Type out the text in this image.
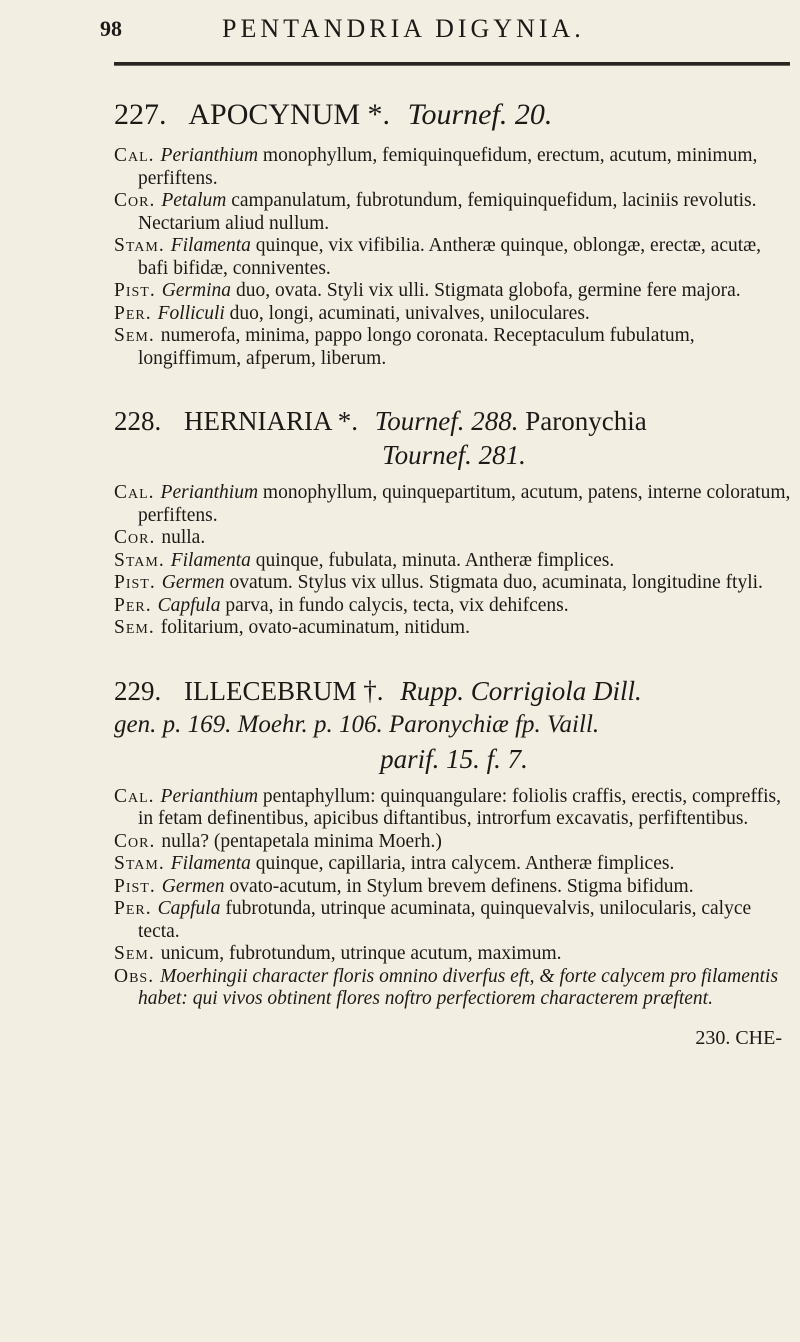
98	PENTANDRIA DIGYNIA.
227. APOCYNUM *. Tournef. 20.

Cal. Perianthium monophyllum, femiquinquefidum, erectum, acutum, minimum, perfiftens.

Cor. Petalum campanulatum, fubrotundum, femiquinquefidum, laciniis revolutis. Nectarium aliud nullum.

Stam. Filamenta quinque, vix vifibilia. Antheræ quinque, oblongæ, erectæ, acutæ, bafi bifidæ, conniventes.

Pist. Germina duo, ovata. Styli vix ulli. Stigmata globofa, germine fere majora.

Per. Folliculi duo, longi, acuminati, univalves, uniloculares.

Sem. numerofa, minima, pappo longo coronata. Receptaculum fubulatum, longiffimum, afperum, liberum.

228. HERNIARIA *. Tournef. 288. Paronychia
Tournef. 281.

Cal. Perianthium monophyllum, quinquepartitum, acutum, patens, interne coloratum, perfiftens.

Cor. nulla.

Stam. Filamenta quinque, fubulata, minuta. Antheræ fimplices.

Pist. Germen ovatum. Stylus vix ullus. Stigmata duo, acuminata, longitudine ftyli.

Per. Capfula parva, in fundo calycis, tecta, vix dehifcens.

Sem. folitarium, ovato-acuminatum, nitidum.

229. ILLECEBRUM †. Rupp. Corrigiola Dill.
gen. p. 169. Moehr. p. 106. Paronychiæ fp. Vaill.
parif. 15. f. 7.

Cal. Perianthium pentaphyllum: quinquangulare: foliolis craffis, erectis, compreffis, in fetam definentibus, apicibus diftantibus, introrfum excavatis, perfiftentibus.

Cor. nulla? (pentapetala minima Moerh.)

Stam. Filamenta quinque, capillaria, intra calycem. Antheræ fimplices.

Pist. Germen ovato-acutum, in Stylum brevem definens. Stigma bifidum.

Per. Capfula fubrotunda, utrinque acuminata, quinquevalvis, unilocularis, calyce tecta.

Sem. unicum, fubrotundum, utrinque acutum, maximum.

Obs. Moerhingii character floris omnino diverfus eft, & forte calycem pro filamentis habet: qui vivos obtinent flores noftro perfectiorem characterem præftent.

230. CHE-
